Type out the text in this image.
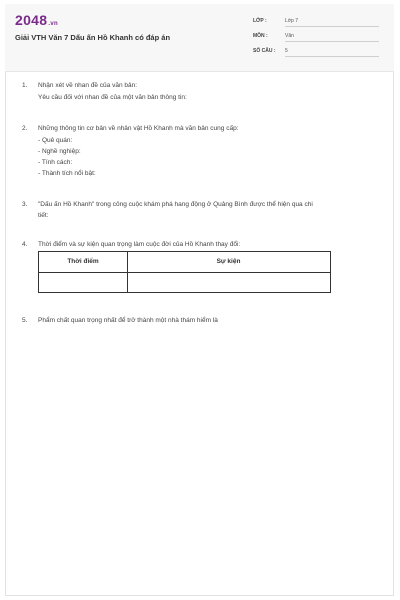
2048.vn
Giải VTH Văn 7 Dấu ấn Hồ Khanh có đáp án
LỚP :	Lớp 7
MÔN :	Văn
SỐ CÂU : 5
1. Nhận xét về nhan đề của văn bản:
Yêu cầu đối với nhan đề của một văn bản thông tin:
2. Những thông tin cơ bản về nhân vật Hồ Khanh mà văn bản cung cấp:
- Quê quán:
- Nghề nghiệp:
- Tính cách:
- Thành tích nổi bật:
3. "Dấu ấn Hồ Khanh" trong công cuộc khám phá hang động ở Quảng Bình được thể hiện qua chi
tiết:
4. Thời điểm và sự kiện quan trọng làm cuộc đời của Hồ Khanh thay đổi:
Thời điểm	Sự kiện
5. Phẩm chất quan trọng nhất để trở thành một nhà thám hiểm là
